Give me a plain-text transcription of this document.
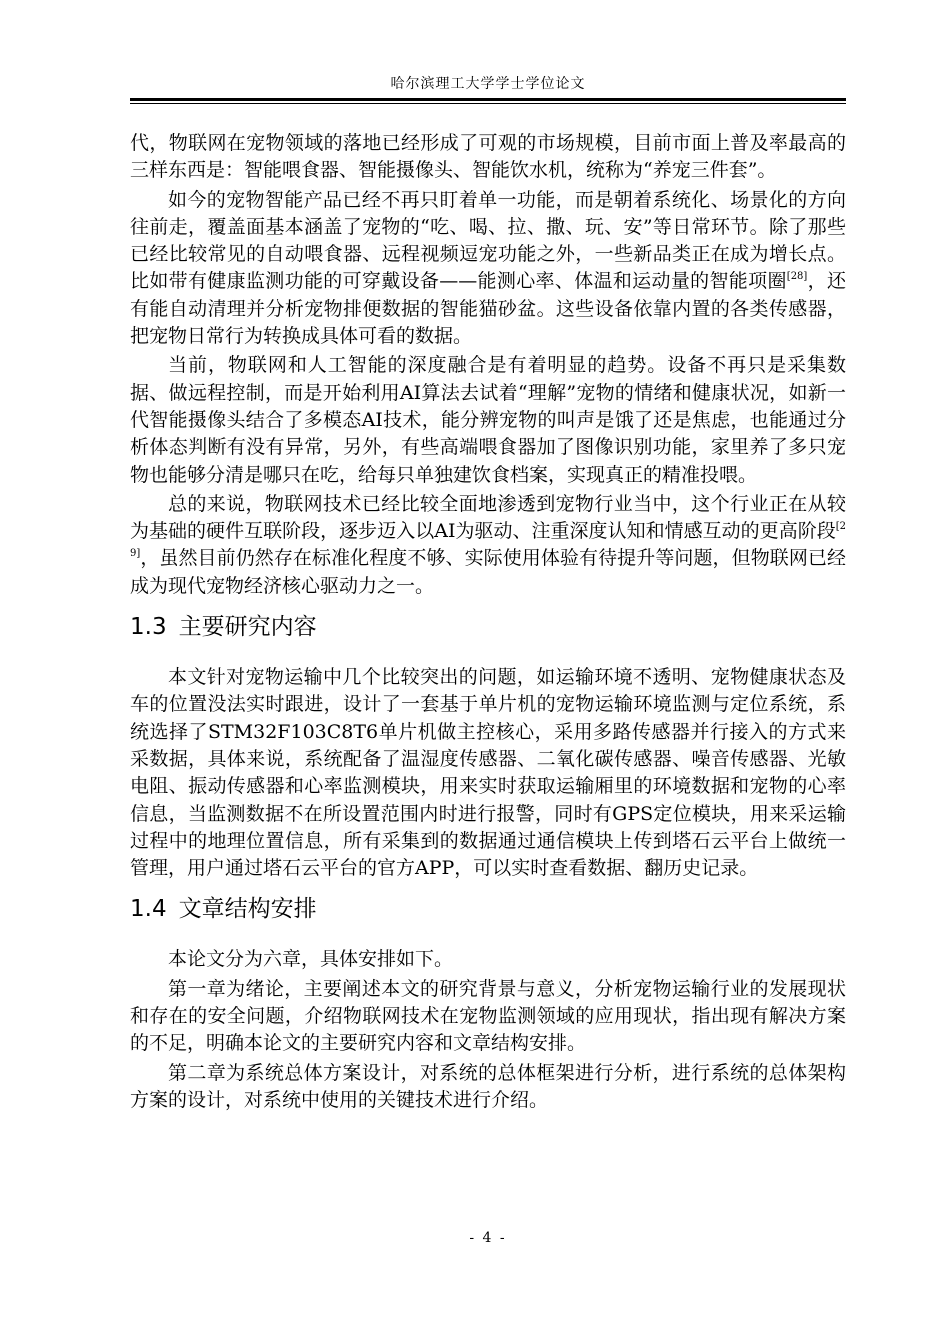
哈尔滨理工大学学士学位论文

代，物联网在宠物领域的落地已经形成了可观的市场规模，目前市面上普及率最高的三样东西是：智能喂食器、智能摄像头、智能饮水机，统称为“养宠三件套”。

如今的宠物智能产品已经不再只盯着单一功能，而是朝着系统化、场景化的方向往前走，覆盖面基本涵盖了宠物的“吃、喝、拉、撒、玩、安”等日常环节。除了那些已经比较常见的自动喂食器、远程视频逗宠功能之外，一些新品类正在成为增长点。比如带有健康监测功能的可穿戴设备——能测心率、体温和运动量的智能项圈[28]，还有能自动清理并分析宠物排便数据的智能猫砂盆。这些设备依靠内置的各类传感器，把宠物日常行为转换成具体可看的数据。

当前，物联网和人工智能的深度融合是有着明显的趋势。设备不再只是采集数据、做远程控制，而是开始利用AI算法去试着“理解”宠物的情绪和健康状况，如新一代智能摄像头结合了多模态AI技术，能分辨宠物的叫声是饿了还是焦虑，也能通过分析体态判断有没有异常，另外，有些高端喂食器加了图像识别功能，家里养了多只宠物也能够分清是哪只在吃，给每只单独建饮食档案，实现真正的精准投喂。

总的来说，物联网技术已经比较全面地渗透到宠物行业当中，这个行业正在从较为基础的硬件互联阶段，逐步迈入以AI为驱动、注重深度认知和情感互动的更高阶段[29]，虽然目前仍然存在标准化程度不够、实际使用体验有待提升等问题，但物联网已经成为现代宠物经济核心驱动力之一。

1.3 主要研究内容

本文针对宠物运输中几个比较突出的问题，如运输环境不透明、宠物健康状态及车的位置没法实时跟进，设计了一套基于单片机的宠物运输环境监测与定位系统，系统选择了STM32F103C8T6单片机做主控核心，采用多路传感器并行接入的方式来采数据，具体来说，系统配备了温湿度传感器、二氧化碳传感器、噪音传感器、光敏电阻、振动传感器和心率监测模块，用来实时获取运输厢里的环境数据和宠物的心率信息，当监测数据不在所设置范围内时进行报警，同时有GPS定位模块，用来采运输过程中的地理位置信息，所有采集到的数据通过通信模块上传到塔石云平台上做统一管理，用户通过塔石云平台的官方APP，可以实时查看数据、翻历史记录。

1.4 文章结构安排

本论文分为六章，具体安排如下。

第一章为绪论，主要阐述本文的研究背景与意义，分析宠物运输行业的发展现状和存在的安全问题，介绍物联网技术在宠物监测领域的应用现状，指出现有解决方案的不足，明确本论文的主要研究内容和文章结构安排。

第二章为系统总体方案设计，对系统的总体框架进行分析，进行系统的总体架构方案的设计，对系统中使用的关键技术进行介绍。

- 4 -
